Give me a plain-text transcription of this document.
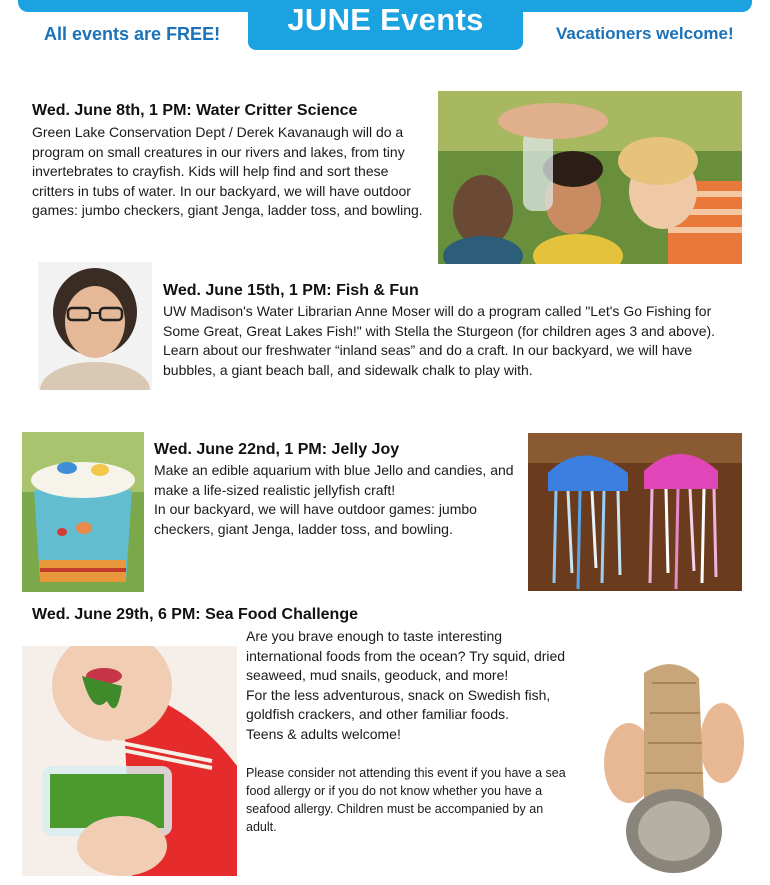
JUNE Events
All events are FREE!	Vacationers welcome!
Wed. June 8th, 1 PM: Water Critter Science
Green Lake Conservation Dept / Derek Kavanaugh will do a program on small creatures in our rivers and lakes, from tiny invertebrates to crayfish. Kids will help find and sort these critters in tubs of water. In our backyard, we will have outdoor games: jumbo checkers, giant Jenga, ladder toss, and bowling.
Wed. June 15th, 1 PM: Fish & Fun
UW Madison's Water Librarian Anne Moser will do a program called "Let's Go Fishing for Some Great, Great Lakes Fish!" with Stella the Sturgeon (for children ages 3 and above). Learn about our freshwater “inland seas” and do a craft. In our backyard, we will have bubbles, a giant beach ball, and sidewalk chalk to play with.
Wed. June 22nd, 1 PM: Jelly Joy

Make an edible aquarium with blue Jello and candies, and make a life-sized realistic jellyfish craft!

In our backyard, we will have outdoor games: jumbo checkers, giant Jenga, ladder toss, and bowling.

Wed. June 29th, 6 PM: Sea Food Challenge

Are you brave enough to taste interesting international foods from the ocean? Try squid, dried seaweed, mud snails, geoduck, and more!

For the less adventurous, snack on Swedish fish, goldfish crackers, and other familiar foods.

Teens & adults welcome!

Please consider not attending this event if you have a sea food allergy or if you do not know whether you have a seafood allergy. Children must be accompanied by an adult.
